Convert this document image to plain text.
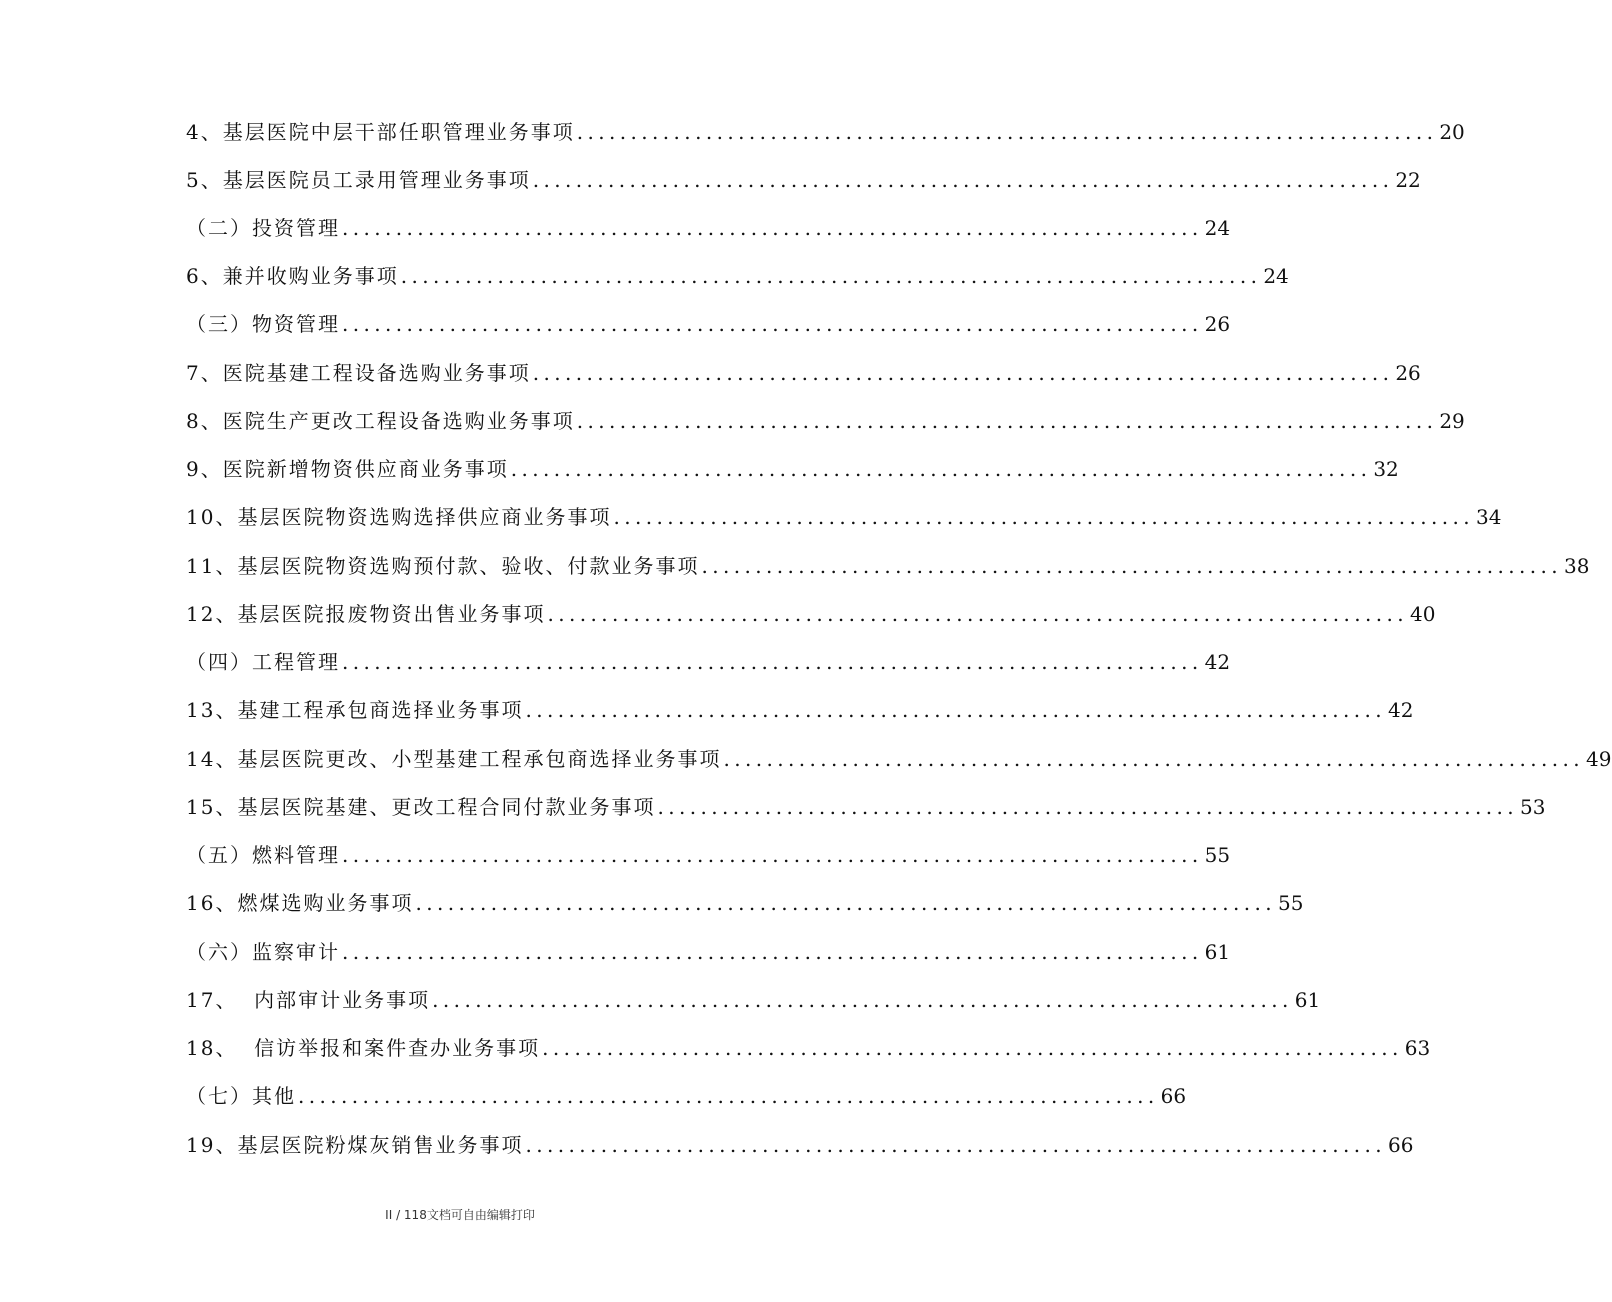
4、基层医院中层干部任职管理业务事项 ................................................................................ 20
5、基层医院员工录用管理业务事项 ................................................................................ 22
（二）投资管理 ................................................................................ 24
6、兼并收购业务事项 ................................................................................ 24
（三）物资管理 ................................................................................ 26
7、医院基建工程设备选购业务事项 ................................................................................ 26
8、医院生产更改工程设备选购业务事项 ................................................................................ 29
9、医院新增物资供应商业务事项 ................................................................................ 32
10、基层医院物资选购选择供应商业务事项 ................................................................................ 34
11、基层医院物资选购预付款、验收、付款业务事项 ................................................................................ 38
12、基层医院报废物资出售业务事项 ................................................................................ 40
（四）工程管理 ................................................................................ 42
13、基建工程承包商选择业务事项 ................................................................................ 42
14、基层医院更改、小型基建工程承包商选择业务事项 ................................................................................ 49
15、基层医院基建、更改工程合同付款业务事项 ................................................................................ 53
（五）燃料管理 ................................................................................ 55
16、燃煤选购业务事项 ................................................................................ 55
（六）监察审计 ................................................................................ 61
17、  内部审计业务事项 ................................................................................ 61
18、  信访举报和案件查办业务事项 ................................................................................ 63
（七）其他 ................................................................................ 66
19、基层医院粉煤灰销售业务事项 ................................................................................ 66
II / 118文档可自由编辑打印
